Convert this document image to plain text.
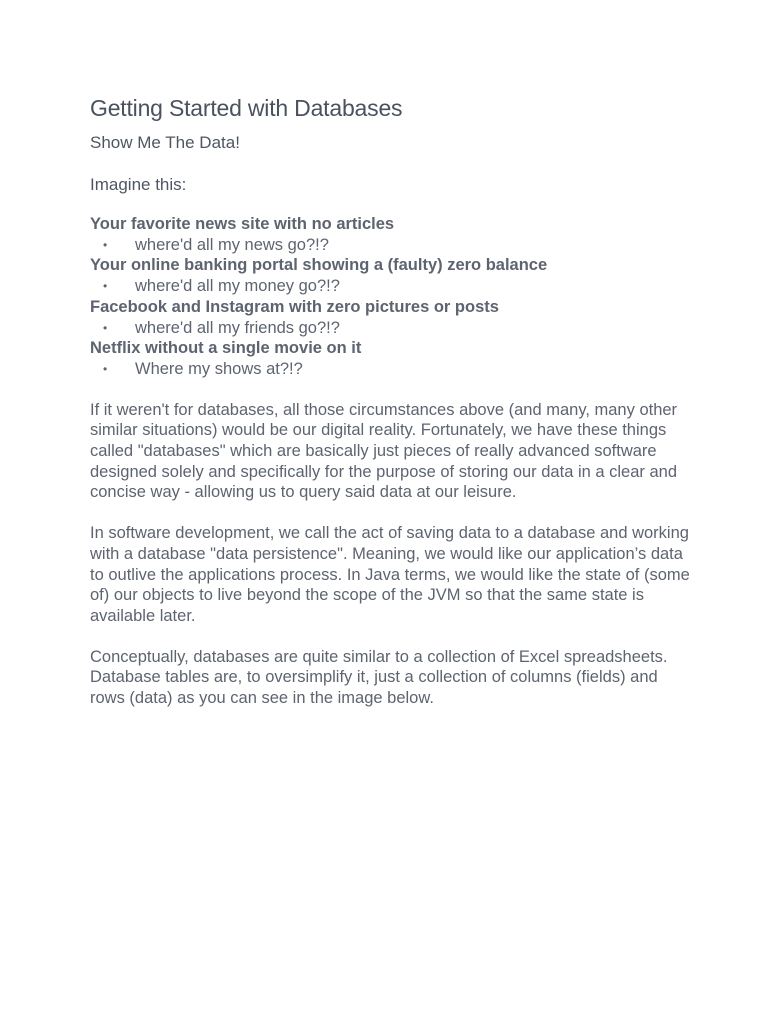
Getting Started with Databases

Show Me The Data!

Imagine this:

Your favorite news site with no articles

• where'd all my news go?!?

Your online banking portal showing a (faulty) zero balance

• where'd all my money go?!?

Facebook and Instagram with zero pictures or posts

• where'd all my friends go?!?

Netflix without a single movie on it

• Where my shows at?!?

If it weren't for databases, all those circumstances above (and many, many other similar situations) would be our digital reality. Fortunately, we have these things called "databases" which are basically just pieces of really advanced software designed solely and specifically for the purpose of storing our data in a clear and concise way - allowing us to query said data at our leisure.

In software development, we call the act of saving data to a database and working with a database "data persistence". Meaning, we would like our application’s data to outlive the applications process. In Java terms, we would like the state of (some of) our objects to live beyond the scope of the JVM so that the same state is available later.

Conceptually, databases are quite similar to a collection of Excel spreadsheets. Database tables are, to oversimplify it, just a collection of columns (fields) and rows (data) as you can see in the image below.
